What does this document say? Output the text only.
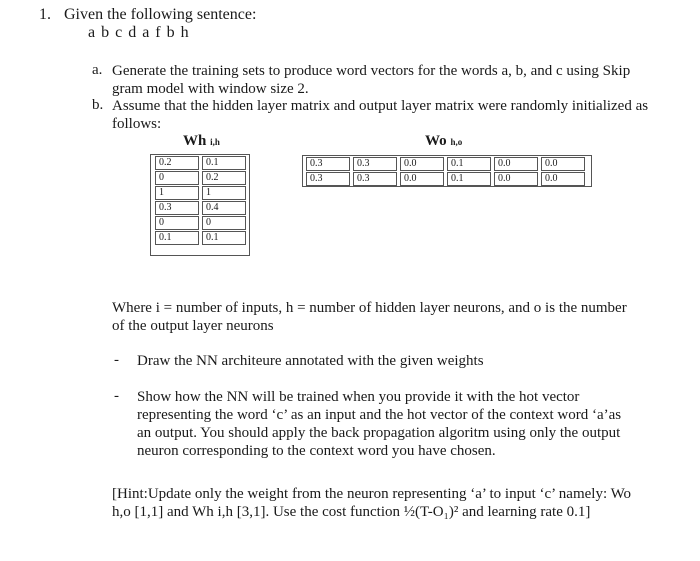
1. Given the following sentence:
a b c d a f b h
a. Generate the training sets to produce word vectors for the words a, b, and c using Skip gram model with window size 2.
b. Assume that the hidden layer matrix and output layer matrix were randomly initialized as follows:
Wh i,h	Wo h,o
0.2	0.1
0	0.2
1	1
0.3	0.4
0	0
0.1	0.1
0.3	0.3	0.0	0.1	0.0	0.0
0.3	0.3	0.0	0.1	0.0	0.0
Where i = number of inputs, h = number of hidden layer neurons, and o is the number of the output layer neurons
- Draw the NN architeure annotated with the given weights
- Show how the NN will be trained when you provide it with the hot vector representing the word ‘c’ as an input and the hot vector of the context word ‘a’as an output. You should apply the back propagation algoritm using only the output neuron corresponding to the context word you have chosen.
[Hint:Update only the weight from the neuron representing ‘a’ to input ‘c’ namely: Wo h,o [1,1] and Wh i,h [3,1]. Use the cost function ½(T-O₁)² and learning rate 0.1]
